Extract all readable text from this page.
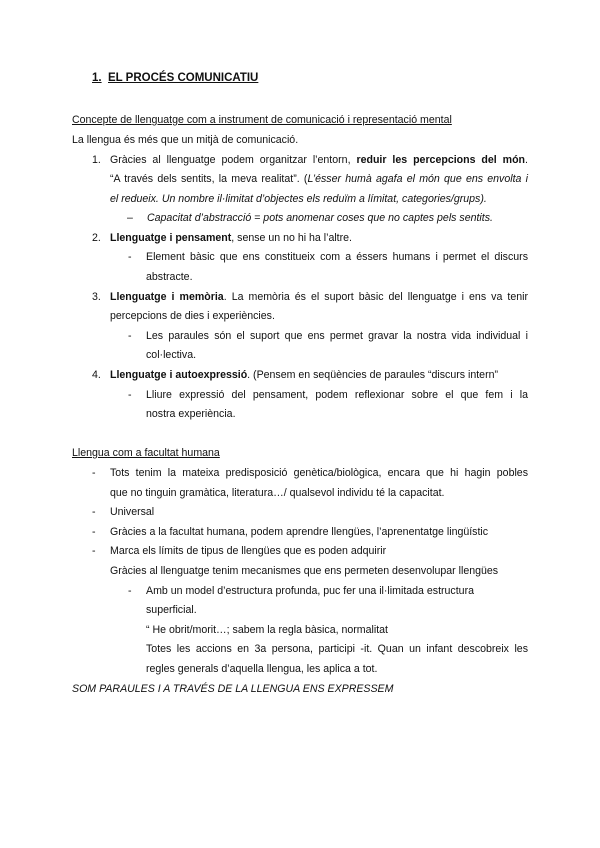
1. EL PROCÉS COMUNICATIU
Concepte de llenguatge com a instrument de comunicació i representació mental
La llengua és més que un mitjà de comunicació.
1. Gràcies al llenguatge podem organitzar l’entorn, reduir les percepcions del món.
“A través dels sentits, la meva realitat”. (L’ésser humà agafa el món que ens envolta i
el redueix. Un nombre il·limitat d’objectes els reduïm a límitat, categories/grups).
– Capacitat d’abstracció = pots anomenar coses que no captes pels sentits.
2. Llenguatge i pensament, sense un no hi ha l’altre.
- Element bàsic que ens constitueix com a éssers humans i permet el discurs
abstracte.
3. Llenguatge i memòria. La memòria és el suport bàsic del llenguatge i ens va tenir
percepcions de dies i experiències.
- Les paraules són el suport que ens permet gravar la nostra vida individual i
col·lectiva.
4. Llenguatge i autoexpressió. (Pensem en seqüències de paraules “discurs intern”
- Lliure expressió del pensament, podem reflexionar sobre el que fem i la
nostra experiència.
Llengua com a facultat humana
- Tots tenim la mateixa predisposició genètica/biològica, encara que hi hagin pobles
que no tinguin gramàtica, literatura…/ qualsevol individu té la capacitat.
- Universal
- Gràcies a la facultat humana, podem aprendre llengües, l’aprenentatge lingüístic
- Marca els límits de tipus de llengües que es poden adquirir
Gràcies al llenguatge tenim mecanismes que ens permeten desenvolupar llengües
- Amb un model d’estructura profunda, puc fer una il·limitada estructura
superficial.
“ He obrit/morit…; sabem la regla bàsica, normalitat
Totes les accions en 3a persona, participi -it. Quan un infant descobreix les
regles generals d’aquella llengua, les aplica a tot.
SOM PARAULES I A TRAVÉS DE LA LLENGUA ENS EXPRESSEM
